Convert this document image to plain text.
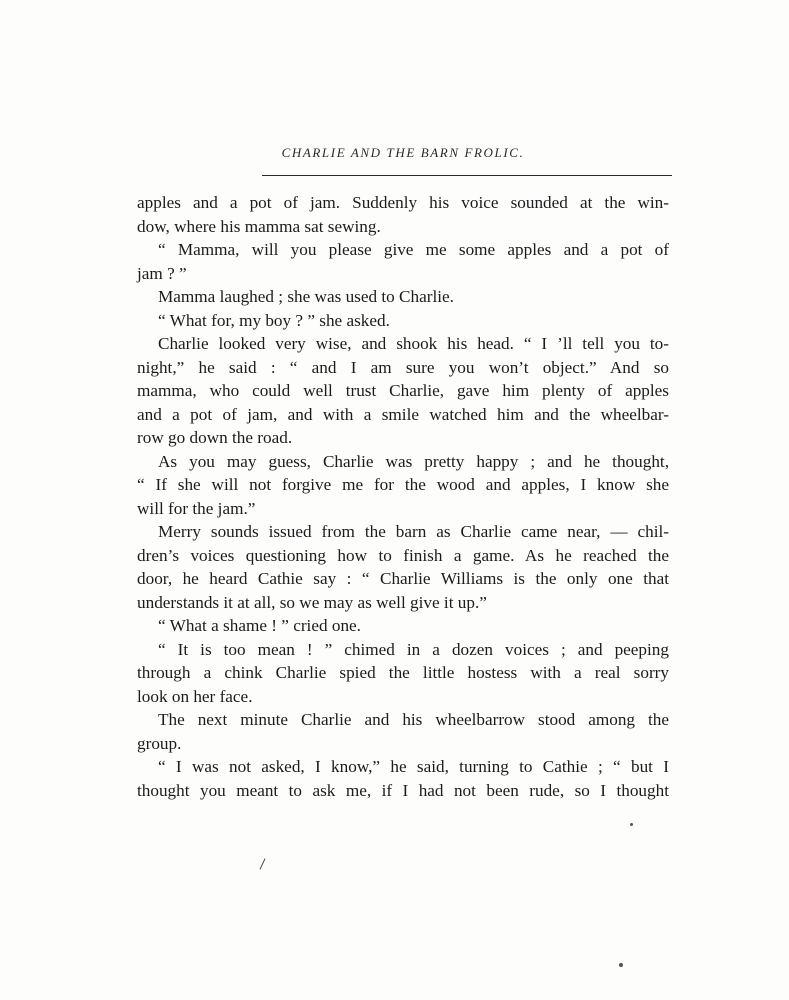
CHARLIE AND THE BARN FROLIC.
apples and a pot of jam. Suddenly his voice sounded at the win-
dow, where his mamma sat sewing.
“ Mamma, will you please give me some apples and a pot of
jam ? ”
Mamma laughed ; she was used to Charlie.
“ What for, my boy ? ” she asked.
Charlie looked very wise, and shook his head. “ I ’ll tell you to-
night,” he said : “ and I am sure you won’t object.” And so
mamma, who could well trust Charlie, gave him plenty of apples
and a pot of jam, and with a smile watched him and the wheelbar-
row go down the road.
As you may guess, Charlie was pretty happy ; and he thought,
“ If she will not forgive me for the wood and apples, I know she
will for the jam.”
Merry sounds issued from the barn as Charlie came near, — chil-
dren’s voices questioning how to finish a game. As he reached the
door, he heard Cathie say : “ Charlie Williams is the only one that
understands it at all, so we may as well give it up.”
“ What a shame ! ” cried one.
“ It is too mean ! ” chimed in a dozen voices ; and peeping
through a chink Charlie spied the little hostess with a real sorry
look on her face.
The next minute Charlie and his wheelbarrow stood among the
group.
“ I was not asked, I know,” he said, turning to Cathie ; “ but I
thought you meant to ask me, if I had not been rude, so I thought
